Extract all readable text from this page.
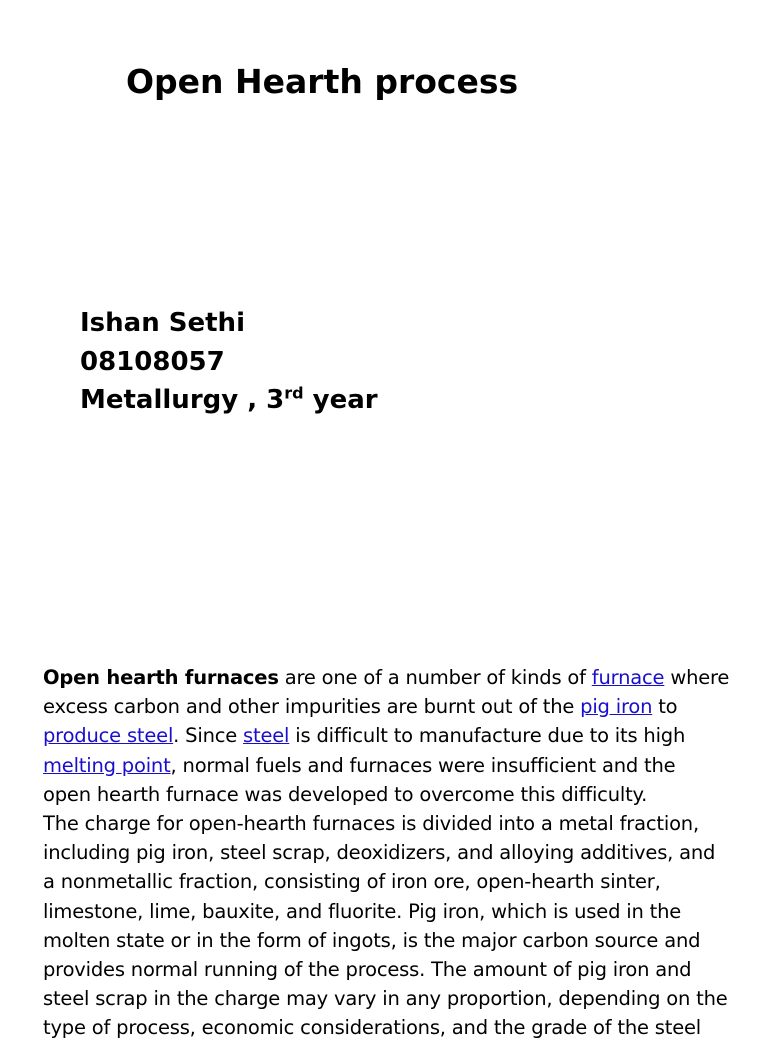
Open Hearth process
Ishan Sethi
08108057
Metallurgy , 3rd year

Open hearth furnaces are one of a number of kinds of furnace where
excess carbon and other impurities are burnt out of the pig iron to
produce steel. Since steel is difficult to manufacture due to its high
melting point, normal fuels and furnaces were insufficient and the
open hearth furnace was developed to overcome this difficulty.
The charge for open-hearth furnaces is divided into a metal fraction,
including pig iron, steel scrap, deoxidizers, and alloying additives, and
a nonmetallic fraction, consisting of iron ore, open-hearth sinter,
limestone, lime, bauxite, and fluorite. Pig iron, which is used in the
molten state or in the form of ingots, is the major carbon source and
provides normal running of the process. The amount of pig iron and
steel scrap in the charge may vary in any proportion, depending on the
type of process, economic considerations, and the grade of the steel
